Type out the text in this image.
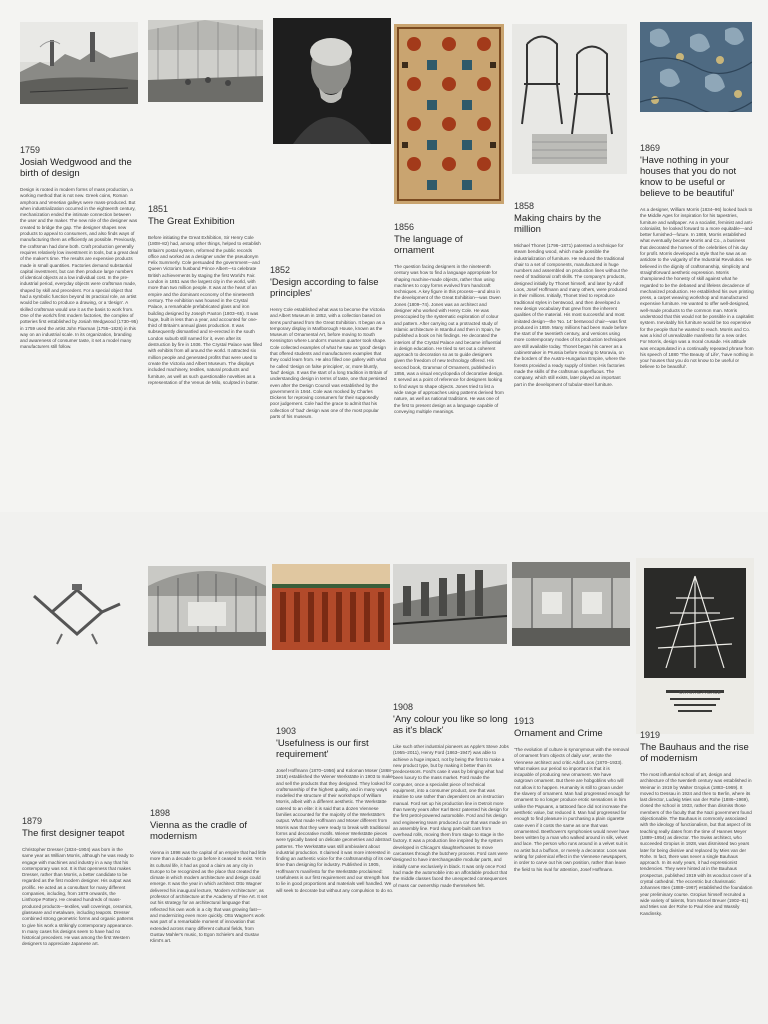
1759
Josiah Wedgwood and the birth of design
Design is rooted in modern forms of mass production, a working method that is not new. Greek coins, Roman amphora and Venetian galleys were mass-produced. But when industrialization occurred in the eighteenth century, mechanization ended the intimate connection between the user and the maker. The new role of the designer was created to bridge the gap. The designer shapes new products to appeal to consumers, and also finds ways of manufacturing them as efficiently as possible. Previously, the craftsman had done both. Craft production generally requires relatively low investment in tools, but a great deal of the maker's time. The results are expensive products made in small quantities. Factories demand substantial capital investment, but can then produce large numbers of identical objects at a low individual cost. In the pre-industrial period, everyday objects were craftsman made, shaped by skill and precedent. For a special object that had a symbolic function beyond its practical role, an artist would be called to produce a drawing, or a 'design'. A skilled craftsman would use it as the basis to work from. One of the world's first modern factories, the complex of potteries first established by Josiah Wedgwood (1730–95) in 1759 used the artist John Flaxman (1755–1826) in this way on an industrial scale. In its organization, branding and awareness of consumer taste, it set a model many manufacturers still follow.
1851
The Great Exhibition
Before initiating the Great Exhibition, Sir Henry Cole (1808–82) had, among other things, helped to establish Britain's postal system, reformed the public records office and worked as a designer under the pseudonym Felix Summerly. Cole persuaded the government—and Queen Victoria's husband Prince Albert—to celebrate British achievements by staging the first World's Fair. London in 1851 was the largest city in the world, with more than two million people. It was at the heart of an empire and the dominant economy of the nineteenth century. The exhibition was housed in the Crystal Palace, a remarkable prefabricated glass and iron building designed by Joseph Paxton (1803–65). It was huge, built in less than a year, and accounted for one-third of Britain's annual glass production. It was subsequently dismantled and re-erected in the south London suburb still named for it, even after its destruction by fire in 1936. The Crystal Palace was filled with exhibits from all around the world. It attracted six million people and generated profits that were used to create the Victoria and Albert Museum. The displays included machinery, textiles, natural products and furniture, as well as such questionable novelties as a representation of the Venus de Milo, sculpted in butter.
1852
'Design according to false principles'
Henry Cole established what was to become the Victoria and Albert Museum in 1852, with a collection based on items purchased from the Great Exhibition. It began as a temporary display in Marlborough House, known as the Museum of Ornamental Art, before moving to South Kensington where London's museum quarter took shape. Cole collected examples of what he saw as 'good' design that offered students and manufacturers examples that they could learn from. He also filled one gallery with what he called 'design on false principles', or, more bluntly, 'bad' design. It was the start of a long tradition in Britain of understanding design in terms of taste, one that persisted even after the Design Council was established by the government in 1944. Cole was mocked by Charles Dickens for reproving consumers for their supposedly poor judgement. Cole had the grace to admit that his collection of 'bad' design was one of the most popular parts of his museum.
1856
The language of ornament
The question facing designers in the nineteenth century was how to find a language appropriate for shaping machine-made objects, rather than using machines to copy forms evolved from handcraft techniques. A key figure in this process—and also in the development of the Great Exhibition—was Owen Jones (1809–74). Jones was an architect and designer who worked with Henry Cole. He was preoccupied by the systematic exploration of colour and pattern. After carrying out a protracted study of Islamic architecture in Istanbul and then in Spain, he published a book on his findings. He decorated the interiors of the Crystal Palace and became influential in design education. He tried to set out a coherent approach to decoration so as to guide designers given the freedom of new technology offered. His second book, Grammar of Ornament, published in 1856, was a visual encyclopedia of decorative design. It served as a point of reference for designers looking to find ways to shape objects. Jones tried to list a wide range of approaches using patterns derived from nature, as well as national traditions. He was one of the first to present design as a language capable of conveying multiple meanings.
1858
Making chairs by the million
Michael Thonet (1796–1871) patented a technique for steam bending wood, which made possible the industrialization of furniture. He reduced the traditional chair to a set of components, manufactured in huge numbers and assembled on production lines without the need of traditional craft skills. The company's products, designed initially by Thonet himself, and later by Adolf Loos, Josef Hoffmann and many others, were produced in their millions. Initially, Thonet tried to reproduce traditional styles in bentwood, and then developed a new design vocabulary that grew from the inherent qualities of the material. His most successful and most imitated design—the 'No. 14' bentwood chair—was first produced in 1859. Many millions had been made before the start of the twentieth century, and versions using more contemporary modes of its production techniques are still available today. Thonet began his career as a cabinetmaker in Prussia before moving to Moravia, on the borders of the Austro-Hungarian Empire, where the forests provided a ready supply of timber. His factories made the skills of the craftsman superfluous. The company, which still exists, later played an important part in the development of tubular-steel furniture.
1869
'Have nothing in your houses that you do not know to be useful or believe to be beautiful'
As a designer, William Morris (1834–96) looked back to the Middle Ages for inspiration for his tapestries, furniture and wallpaper. As a socialist, feminist and anti-colonialist, he looked forward to a more equitable—and better furnished—future. In 1869, Morris established what eventually became Morris and Co., a business that decorated the homes of the celebrities of his day for profit. Morris developed a style that he saw as an antidote to the vulgarity of the Industrial Revolution. He believed in the dignity of craftsmanship, simplicity and straightforward aesthetic expression. Morris championed the honesty of skill against what he regarded to be the debased and lifeless decadence of mechanized production. He established his own printing press, a carpet weaving workshop and manufactured expensive furniture. He wanted to offer well-designed, well-made products to the common man. Morris understood that this would not be possible in a capitalist system. Inevitably his furniture would be too expensive for the people that he wanted to reach. Morris and Co. was a kind of unrealizable manifesto for a new order. For Morris, design was a moral crusade. His attitude was encapsulated in a continually repeated phrase from his speech of 1880 'The Beauty of Life', 'have nothing in your houses that you do not know to be useful or believe to be beautiful'.
1879
The first designer teapot
Christopher Dresser (1834–1904) was born in the same year as William Morris, although he was ready to engage with machines and industry in a way that his contemporary was not. It is that openness that makes Dresser, rather than Morris, a better candidate to be regarded as the first modern designer. His output was prolific. He acted as a consultant for many different companies, including, from 1879 onwards, the Linthorpe Pottery. He created hundreds of mass-produced products—textiles, wall coverings, ceramics, glassware and metalware, including teapots. Dresser combined strong geometric forms and organic patterns to give his work a strikingly contemporary appearance. In many cases his designs seem to have had no historical precedent. He was among the first Western designers to appreciate Japanese art.
1898
Vienna as the cradle of modernism
Vienna in 1898 was the capital of an empire that had little more than a decade to go before it ceased to exist. Yet in its cultural life, it had as good a claim as any city in Europe to be recognized as the place that created the climate in which modern architecture and design could emerge. It was the year in which architect Otto Wagner delivered his inaugural lecture, 'Modern Architecture', as professor of architecture at the Academy of Fine Art. It set out his strategy for an architectural language that reflected his own work in a city that was growing fast—and modernizing even more quickly. Otto Wagner's work was part of a remarkable moment of innovation that extended across many different cultural fields, from Gustav Mahler's music, to Egon Schiele's and Gustav Klimt's art.
1903
'Usefulness is our first requirement'
Josef Hoffmann (1870–1956) and Koloman Moser (1868–1918) established the Wiener Werkstätte in 1903 to make and sell the products that they designed. They looked for craftsmanship of the highest quality, and in many ways modelled the structure of their workshops of William Morris, albeit with a different aesthetic. The Werkstätte catered to an elite: it is said that a dozen Viennese families accounted for the majority of the Werkstätte's output. What made Hoffmann and Moser different from Morris was that they were ready to break with traditional forms and decorative motifs. Wiener Werkstätte pieces were typically based on delicate geometries and abstract patterns. The Werkstätte was still ambivalent about industrial production. It claimed it was more interested in finding an authentic voice for the craftsmanship of its own time than designing for industry. Published in 1905, Hoffmann's manifesto for the Werkstätte proclaimed: Usefulness is our first requirement and our strength has to lie in good proportions and materials well handled. We will seek to decorate but without any compulsion to do so.
1908
'Any colour you like so long as it's black'
Like such other industrial pioneers as Apple's Steve Jobs (1955–2011), Henry Ford (1863–1947) was able to achieve a huge impact, not by being the first to make a new product type, but by making it better than its predecessors. Ford's case it was by bringing what had been luxury to the mass market. Ford made the computer, once a specialist piece of technical equipment, into a consumer product, one that was intuitive to use rather than dependent on an instruction manual. Ford set up his production line in Detroit more than twenty years after Karl Benz patented his design for the first petrol-powered automobile. Ford and his design and engineering team produced a car that was made on an assembly line. Ford slung part-built cars from overhead rolls, moving them from stage to stage in the factory. It was a production line inspired by the system developed in Chicago's slaughterhouses to move carcasses through the butchery process. Ford cars were designed to have interchangeable modular parts, and initially came exclusively in black. It was only once Ford had made the automobile into an affordable product that the middle classes faced the unexpected consequences of mass car ownership made themselves felt.
1913
Ornament and Crime
'The evolution of culture is synonymous with the removal of ornament from objects of daily use', wrote the Viennese architect and critic Adolf Loos (1870–1933). What makes our period so important is that it is incapable of producing new ornament. We have outgrown ornament. But there are hobgoblins who will not allow it to happen. Humanity is still to groan under the slavery of ornament. Man had progressed enough for ornament to no longer produce erotic sensations in him unlike the Papuans, a tattooed face did not increase the aesthetic value, but reduced it. Man had progressed far enough to find pleasure in purchasing a plain cigarette case even if it costs the same as one that was ornamented. Beethoven's symphonies would never have been written by a man who walked around in silk, velvet and lace. The person who runs around in a velvet suit is no artist but a buffoon, or merely a decorator. Loos was writing for polemical effect in the Viennese newspapers, in order to carve out his own position, rather than leave the field to his rival for attention, Josef Hoffmann.
1919
The Bauhaus and the rise of modernism
The most influential school of art, design and architecture of the twentieth century was established in Weimar in 1919 by Walter Gropius (1883–1969). It moved to Dessau in 1924 and then to Berlin, where its last director, Ludwig Mies van der Rohe (1886–1969), closed the school in 1933, rather than dismiss those members of the faculty that the Nazi government found objectionable. The Bauhaus is commonly associated with the ideology of functionalism, but that aspect of its teaching really dates from the time of Hannes Meyer (1889–1954) as director. The Swiss architect, who succeeded Gropius in 1928, was dismissed two years later for being divisive and replaced by Mies van der Rohe. In fact, there was never a single Bauhaus approach. In its early years, it had expressionist tendencies. They were hinted at in the Bauhaus prospectus, published 1919 with its woodcut cover of a crystal cathedral. The eccentric but charismatic Johannes Itten (1888–1967) established the foundation year preliminary course. Gropius himself recruited a wide variety of talents, from Marcel Breuer (1902–81) and Mies van der Rohe to Paul Klee and Wassily Kandinsky.
CRYSTAL PALACE
